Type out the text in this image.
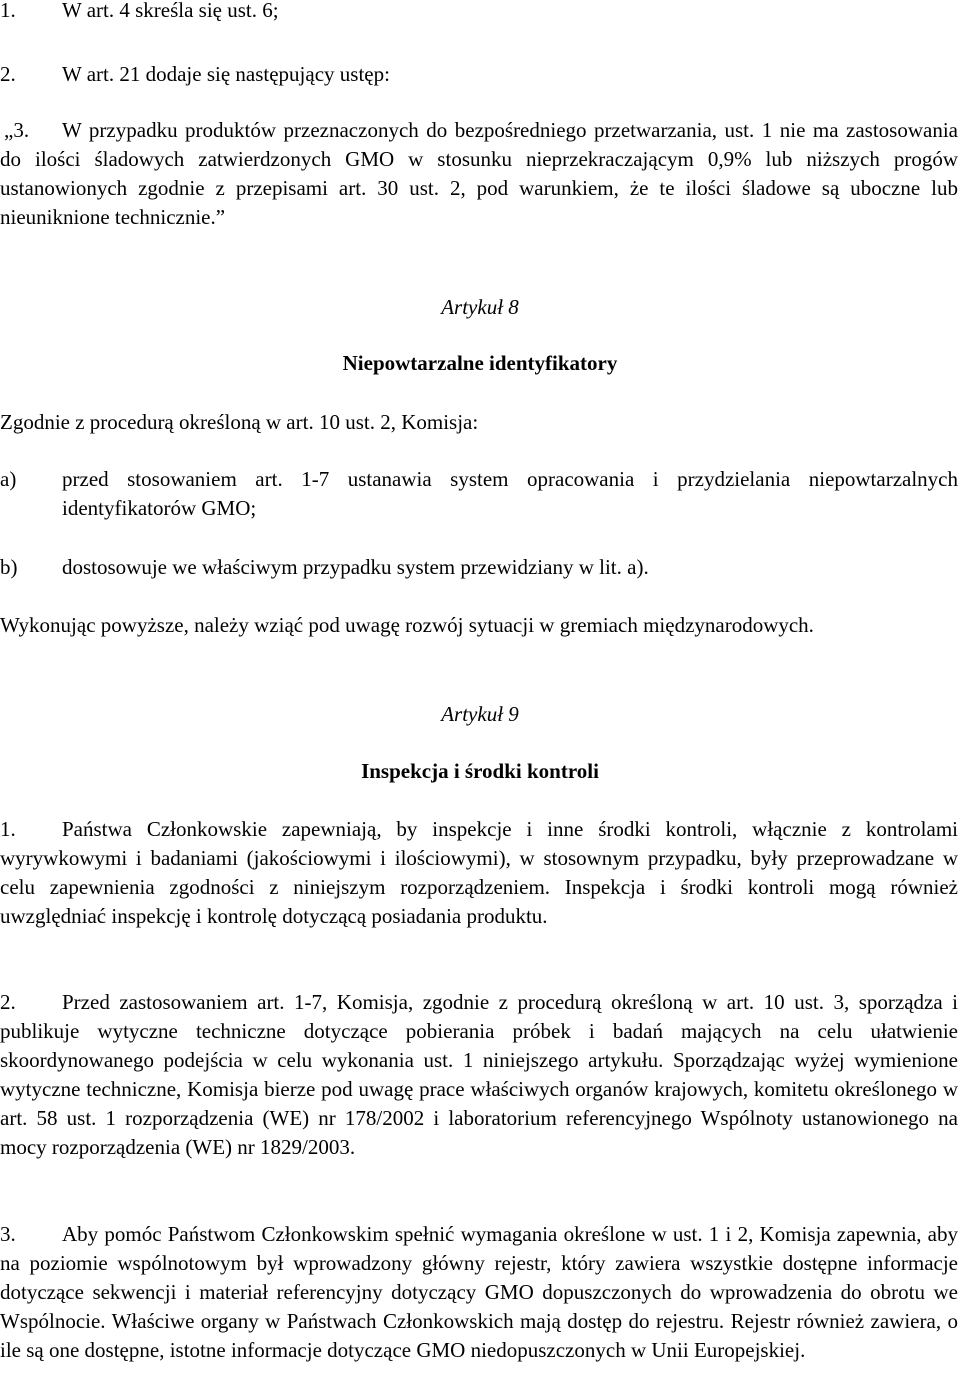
1. W art. 4 skreśla się ust. 6;

2. W art. 21 dodaje się następujący ustęp:

„3. W przypadku produktów przeznaczonych do bezpośredniego przetwarzania, ust. 1 nie ma zastosowania do ilości śladowych zatwierdzonych GMO w stosunku nieprzekraczającym 0,9% lub niższych progów ustanowionych zgodnie z przepisami art. 30 ust. 2, pod warunkiem, że te ilości śladowe są uboczne lub nieuniknione technicznie.”

Artykuł 8

Niepowtarzalne identyfikatory

Zgodnie z procedurą określoną w art. 10 ust. 2, Komisja:

a) przed stosowaniem art. 1-7 ustanawia system opracowania i przydzielania niepowtarzalnych identyfikatorów GMO;
b) dostosowuje we właściwym przypadku system przewidziany w lit. a).

Wykonując powyższe, należy wziąć pod uwagę rozwój sytuacji w gremiach międzynarodowych.

Artykuł 9

Inspekcja i środki kontroli

1. Państwa Członkowskie zapewniają, by inspekcje i inne środki kontroli, włącznie z kontrolami wyrywkowymi i badaniami (jakościowymi i ilościowymi), w stosownym przypadku, były przeprowadzane w celu zapewnienia zgodności z niniejszym rozporządzeniem. Inspekcja i środki kontroli mogą również uwzględniać inspekcję i kontrolę dotyczącą posiadania produktu.

2. Przed zastosowaniem art. 1-7, Komisja, zgodnie z procedurą określoną w art. 10 ust. 3, sporządza i publikuje wytyczne techniczne dotyczące pobierania próbek i badań mających na celu ułatwienie skoordynowanego podejścia w celu wykonania ust. 1 niniejszego artykułu. Sporządzając wyżej wymienione wytyczne techniczne, Komisja bierze pod uwagę prace właściwych organów krajowych, komitetu określonego w art. 58 ust. 1 rozporządzenia (WE) nr 178/2002 i laboratorium referencyjnego Wspólnoty ustanowionego na mocy rozporządzenia (WE) nr 1829/2003.

3. Aby pomóc Państwom Członkowskim spełnić wymagania określone w ust. 1 i 2, Komisja zapewnia, aby na poziomie wspólnotowym był wprowadzony główny rejestr, który zawiera wszystkie dostępne informacje dotyczące sekwencji i materiał referencyjny dotyczący GMO dopuszczonych do wprowadzenia do obrotu we Wspólnocie. Właściwe organy w Państwach Członkowskich mają dostęp do rejestru. Rejestr również zawiera, o ile są one dostępne, istotne informacje dotyczące GMO niedopuszczonych w Unii Europejskiej.
